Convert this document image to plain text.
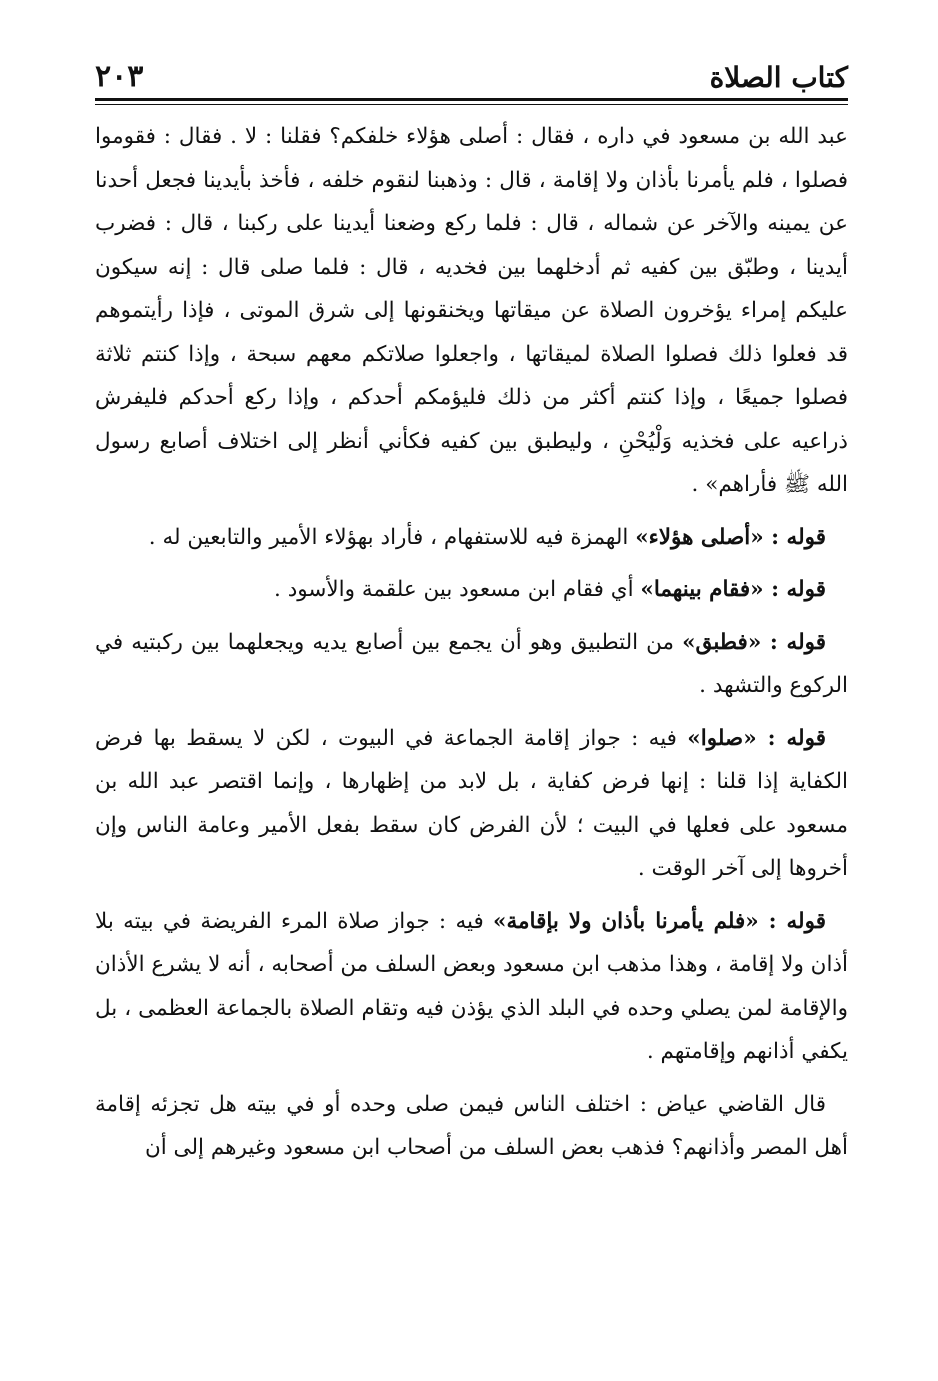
كتاب الصلاة
٢٠٣

عبد الله بن مسعود في داره ، فقال : أصلى هؤلاء خلفكم؟ فقلنا : لا . فقال : فقوموا فصلوا ، فلم يأمرنا بأذان ولا إقامة ، قال : وذهبنا لنقوم خلفه ، فأخذ بأيدينا فجعل أحدنا عن يمينه والآخر عن شماله ، قال : فلما ركع وضعنا أيدينا على ركبنا ، قال : فضرب أيدينا ، وطبّق بين كفيه ثم أدخلهما بين فخديه ، قال : فلما صلى قال : إنه سيكون عليكم إمراء يؤخرون الصلاة عن ميقاتها ويخنقونها إلى شرق الموتى ، فإذا رأيتموهم قد فعلوا ذلك فصلوا الصلاة لميقاتها ، واجعلوا صلاتكم معهم سبحة ، وإذا كنتم ثلاثة فصلوا جميعًا ، وإذا كنتم أكثر من ذلك فليؤمكم أحدكم ، وإذا ركع أحدكم فليفرش ذراعيه على فخذيه وَلْيُحْنِ ، وليطبق بين كفيه فكأني أنظر إلى اختلاف أصابع رسول الله ﷺ فأراهم» .

قوله : «أصلى هؤلاء» الهمزة فيه للاستفهام ، فأراد بهؤلاء الأمير والتابعين له .

قوله : «فقام بينهما» أي فقام ابن مسعود بين علقمة والأسود .

قوله : «فطبق» من التطبيق وهو أن يجمع بين أصابع يديه ويجعلهما بين ركبتيه في الركوع والتشهد .

قوله : «صلوا» فيه : جواز إقامة الجماعة في البيوت ، لكن لا يسقط بها فرض الكفاية إذا قلنا : إنها فرض كفاية ، بل لابد من إظهارها ، وإنما اقتصر عبد الله بن مسعود على فعلها في البيت ؛ لأن الفرض كان سقط بفعل الأمير وعامة الناس وإن أخروها إلى آخر الوقت .

قوله : «فلم يأمرنا بأذان ولا بإقامة» فيه : جواز صلاة المرء الفريضة في بيته بلا أذان ولا إقامة ، وهذا مذهب ابن مسعود وبعض السلف من أصحابه ، أنه لا يشرع الأذان والإقامة لمن يصلي وحده في البلد الذي يؤذن فيه وتقام الصلاة بالجماعة العظمى ، بل يكفي أذانهم وإقامتهم .

قال القاضي عياض : اختلف الناس فيمن صلى وحده أو في بيته هل تجزئه إقامة أهل المصر وأذانهم؟ فذهب بعض السلف من أصحاب ابن مسعود وغيرهم إلى أن
